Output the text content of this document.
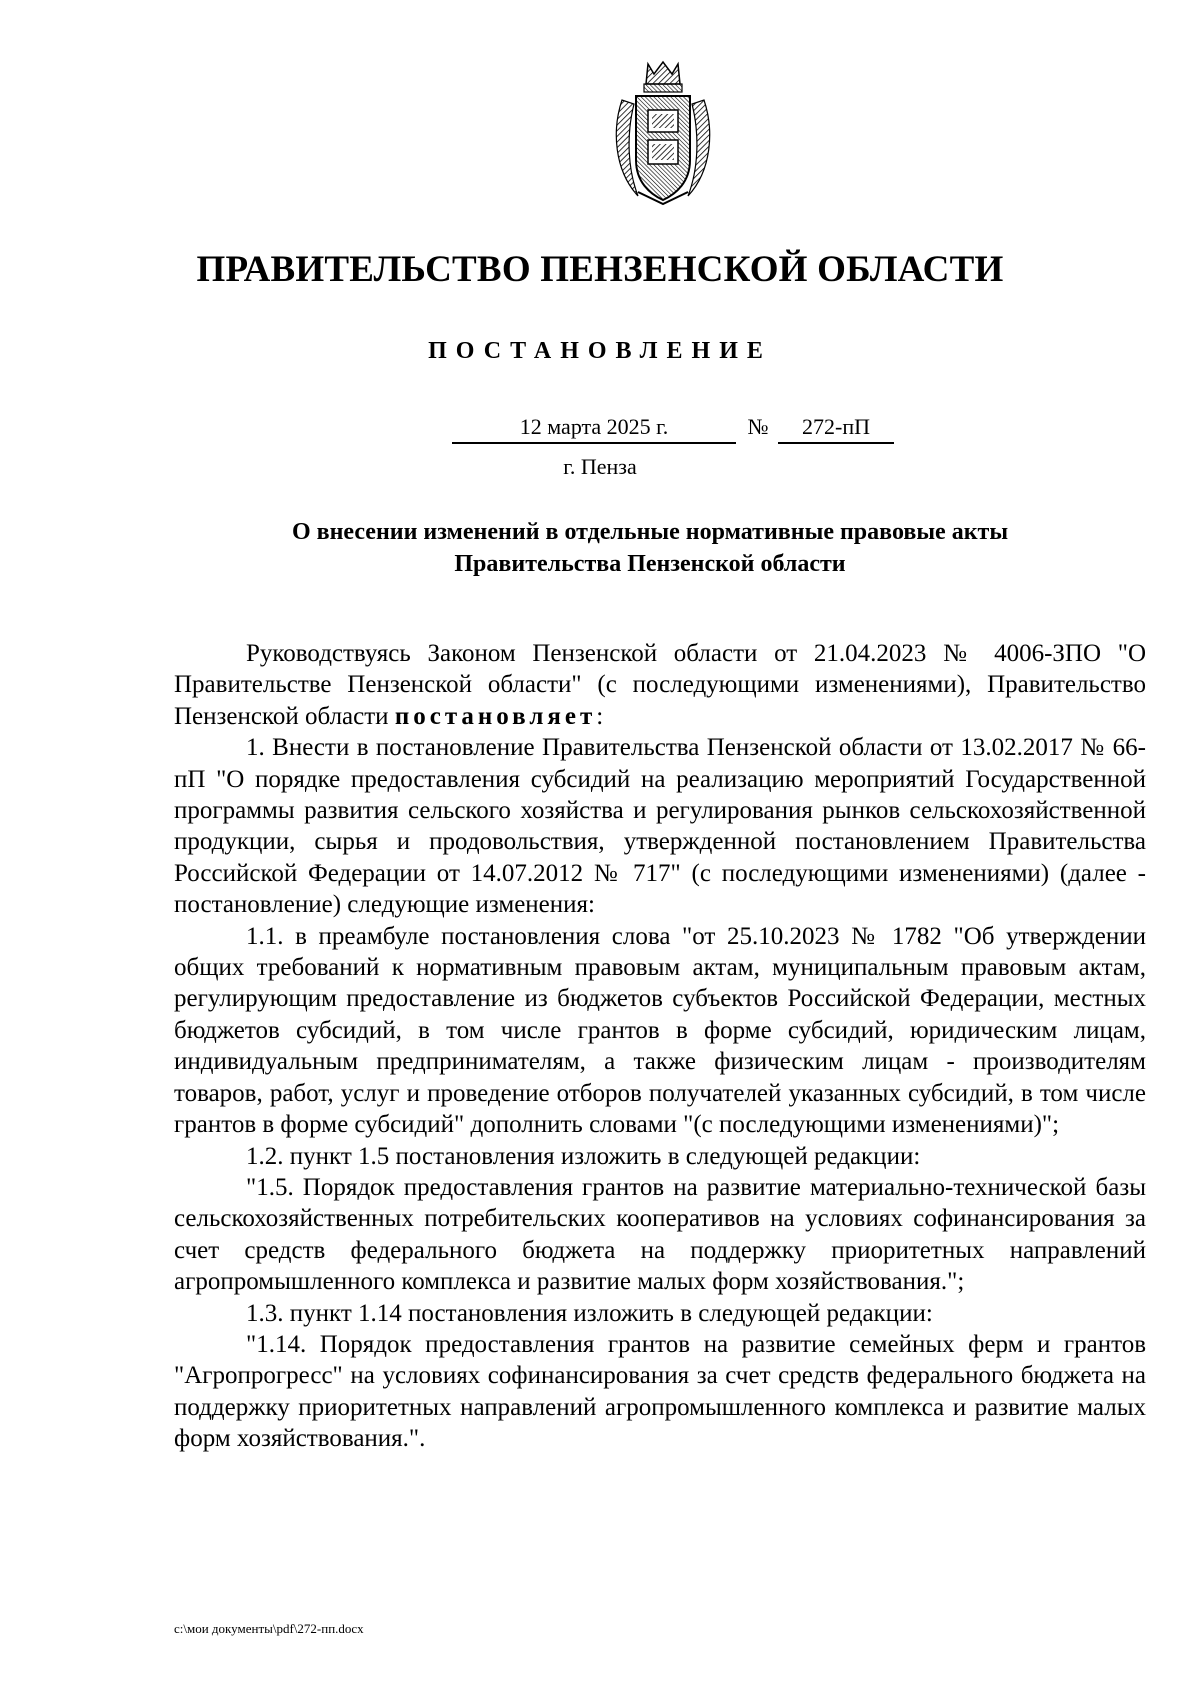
ПРАВИТЕЛЬСТВО ПЕНЗЕНСКОЙ ОБЛАСТИ
ПОСТАНОВЛЕНИЕ
12 марта 2025 г.	№	272-пП
г. Пенза
О внесении изменений в отдельные нормативные правовые акты
Правительства Пензенской области

Руководствуясь Законом Пензенской области от 21.04.2023 № 4006-ЗПО "О Правительстве Пензенской области" (с последующими изменениями), Правительство Пензенской области постановляет:

1. Внести в постановление Правительства Пензенской области от 13.02.2017 № 66-пП "О порядке предоставления субсидий на реализацию мероприятий Государственной программы развития сельского хозяйства и регулирования рынков сельскохозяйственной продукции, сырья и продовольствия, утвержденной постановлением Правительства Российской Федерации от 14.07.2012 № 717" (с последующими изменениями) (далее - постановление) следующие изменения:

1.1. в преамбуле постановления слова "от 25.10.2023 № 1782 "Об утверждении общих требований к нормативным правовым актам, муниципальным правовым актам, регулирующим предоставление из бюджетов субъектов Российской Федерации, местных бюджетов субсидий, в том числе грантов в форме субсидий, юридическим лицам, индивидуальным предпринимателям, а также физическим лицам - производителям товаров, работ, услуг и проведение отборов получателей указанных субсидий, в том числе грантов в форме субсидий" дополнить словами "(с последующими изменениями)";

1.2. пункт 1.5 постановления изложить в следующей редакции:

"1.5. Порядок предоставления грантов на развитие материально-технической базы сельскохозяйственных потребительских кооперативов на условиях софинансирования за счет средств федерального бюджета на поддержку приоритетных направлений агропромышленного комплекса и развитие малых форм хозяйствования.";

1.3. пункт 1.14 постановления изложить в следующей редакции:

"1.14. Порядок предоставления грантов на развитие семейных ферм и грантов "Агропрогресс" на условиях софинансирования за счет средств федерального бюджета на поддержку приоритетных направлений агропромышленного комплекса и развитие малых форм хозяйствования.".

c:\мои документы\pdf\272-пп.docx
